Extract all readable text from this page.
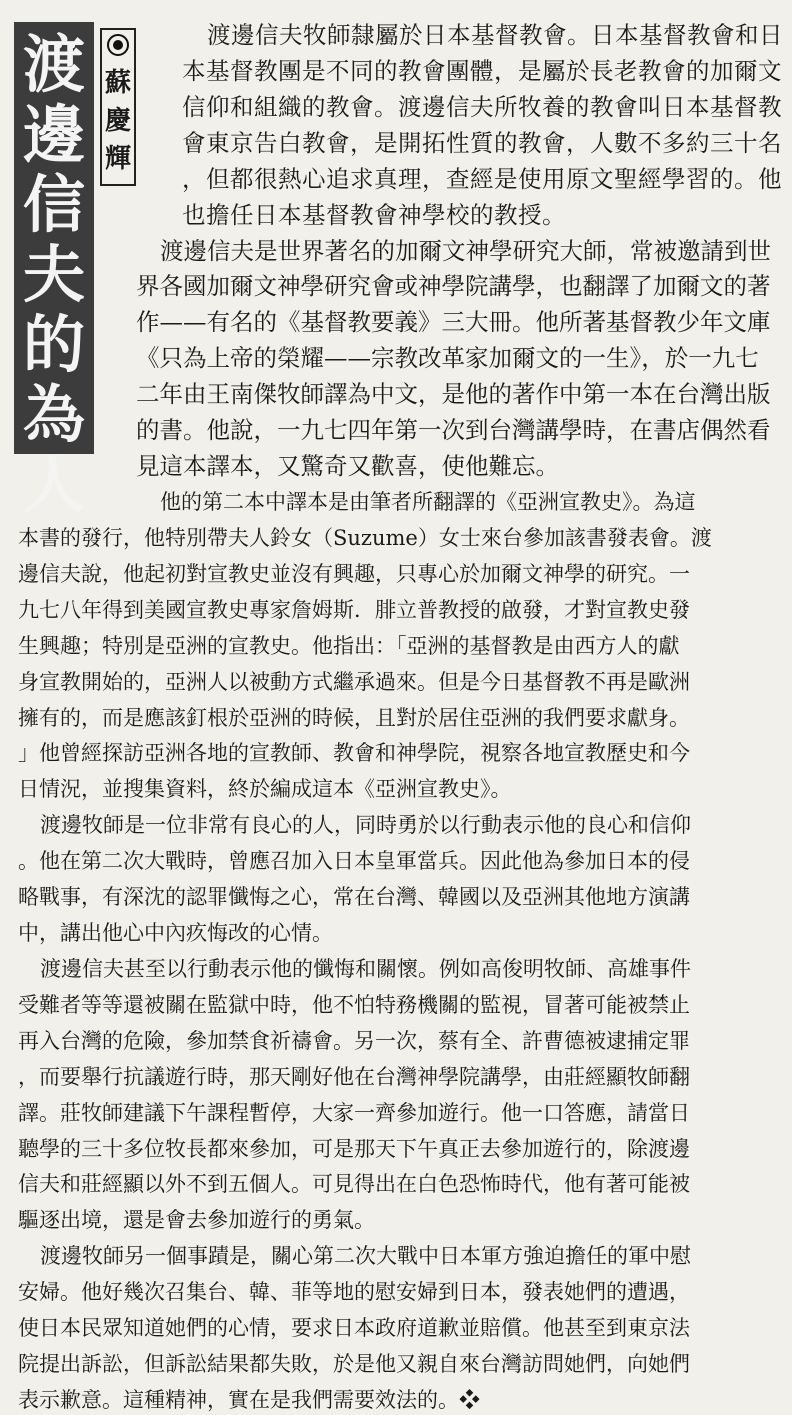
渡
邊
信
夫
的
為
人
蘇
慶
輝
渡邊信夫牧師隸屬於日本基督教會。日本基督教會和日
本基督教團是不同的教會團體，是屬於長老教會的加爾文
信仰和組織的教會。渡邊信夫所牧養的教會叫日本基督教
會東京告白教會，是開拓性質的教會，人數不多約三十名
，但都很熱心追求真理，查經是使用原文聖經學習的。他
也擔任日本基督教會神學校的教授。
渡邊信夫是世界著名的加爾文神學研究大師，常被邀請到世
界各國加爾文神學研究會或神學院講學，也翻譯了加爾文的著
作——有名的《基督教要義》三大冊。他所著基督教少年文庫
《只為上帝的榮耀——宗教改革家加爾文的一生》，於一九七
二年由王南傑牧師譯為中文，是他的著作中第一本在台灣出版
的書。他說，一九七四年第一次到台灣講學時，在書店偶然看
見這本譯本，又驚奇又歡喜，使他難忘。
他的第二本中譯本是由筆者所翻譯的《亞洲宣教史》。為這
本書的發行，他特別帶夫人鈴女（Suzume）女士來台參加該書發表會。渡
邊信夫說，他起初對宣教史並沒有興趣，只專心於加爾文神學的研究。一
九七八年得到美國宣教史專家詹姆斯．腓立普教授的啟發，才對宣教史發
生興趣；特別是亞洲的宣教史。他指出：「亞洲的基督教是由西方人的獻
身宣教開始的，亞洲人以被動方式繼承過來。但是今日基督教不再是歐洲
擁有的，而是應該釘根於亞洲的時候，且對於居住亞洲的我們要求獻身。
」他曾經探訪亞洲各地的宣教師、教會和神學院，視察各地宣教歷史和今
日情況，並搜集資料，終於編成這本《亞洲宣教史》。
渡邊牧師是一位非常有良心的人，同時勇於以行動表示他的良心和信仰
。他在第二次大戰時，曾應召加入日本皇軍當兵。因此他為參加日本的侵
略戰事，有深沈的認罪懺悔之心，常在台灣、韓國以及亞洲其他地方演講
中，講出他心中內疚悔改的心情。
渡邊信夫甚至以行動表示他的懺悔和關懷。例如高俊明牧師、高雄事件
受難者等等還被關在監獄中時，他不怕特務機關的監視，冒著可能被禁止
再入台灣的危險，參加禁食祈禱會。另一次，蔡有全、許曹德被逮捕定罪
，而要舉行抗議遊行時，那天剛好他在台灣神學院講學，由莊經顯牧師翻
譯。莊牧師建議下午課程暫停，大家一齊參加遊行。他一口答應，請當日
聽學的三十多位牧長都來參加，可是那天下午真正去參加遊行的，除渡邊
信夫和莊經顯以外不到五個人。可見得出在白色恐怖時代，他有著可能被
驅逐出境，還是會去參加遊行的勇氣。
渡邊牧師另一個事蹟是，關心第二次大戰中日本軍方強迫擔任的軍中慰
安婦。他好幾次召集台、韓、菲等地的慰安婦到日本，發表她們的遭遇，
使日本民眾知道她們的心情，要求日本政府道歉並賠償。他甚至到東京法
院提出訴訟，但訴訟結果都失敗，於是他又親自來台灣訪問她們，向她們
表示歉意。這種精神，實在是我們需要效法的。❖
